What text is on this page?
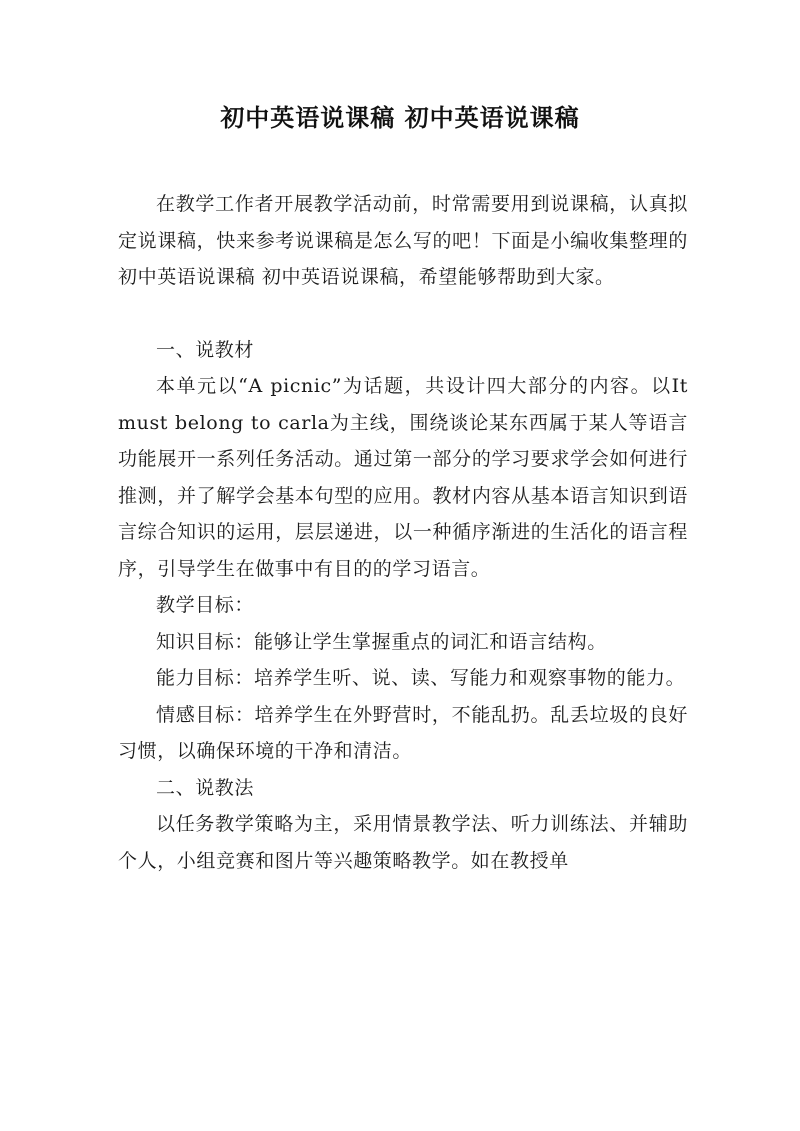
初中英语说课稿 初中英语说课稿

在教学工作者开展教学活动前，时常需要用到说课稿，认真拟定说课稿，快来参考说课稿是怎么写的吧！下面是小编收集整理的初中英语说课稿 初中英语说课稿，希望能够帮助到大家。

一、说教材

本单元以“A picnic”为话题，共设计四大部分的内容。以It must belong to carla为主线，围绕谈论某东西属于某人等语言功能展开一系列任务活动。通过第一部分的学习要求学会如何进行推测，并了解学会基本句型的应用。教材内容从基本语言知识到语言综合知识的运用，层层递进，以一种循序渐进的生活化的语言程序，引导学生在做事中有目的的学习语言。

教学目标：

知识目标：能够让学生掌握重点的词汇和语言结构。

能力目标：培养学生听、说、读、写能力和观察事物的能力。

情感目标：培养学生在外野营时，不能乱扔。乱丢垃圾的良好习惯，以确保环境的干净和清洁。

二、说教法

以任务教学策略为主，采用情景教学法、听力训练法、并辅助个人，小组竞赛和图片等兴趣策略教学。如在教授单
